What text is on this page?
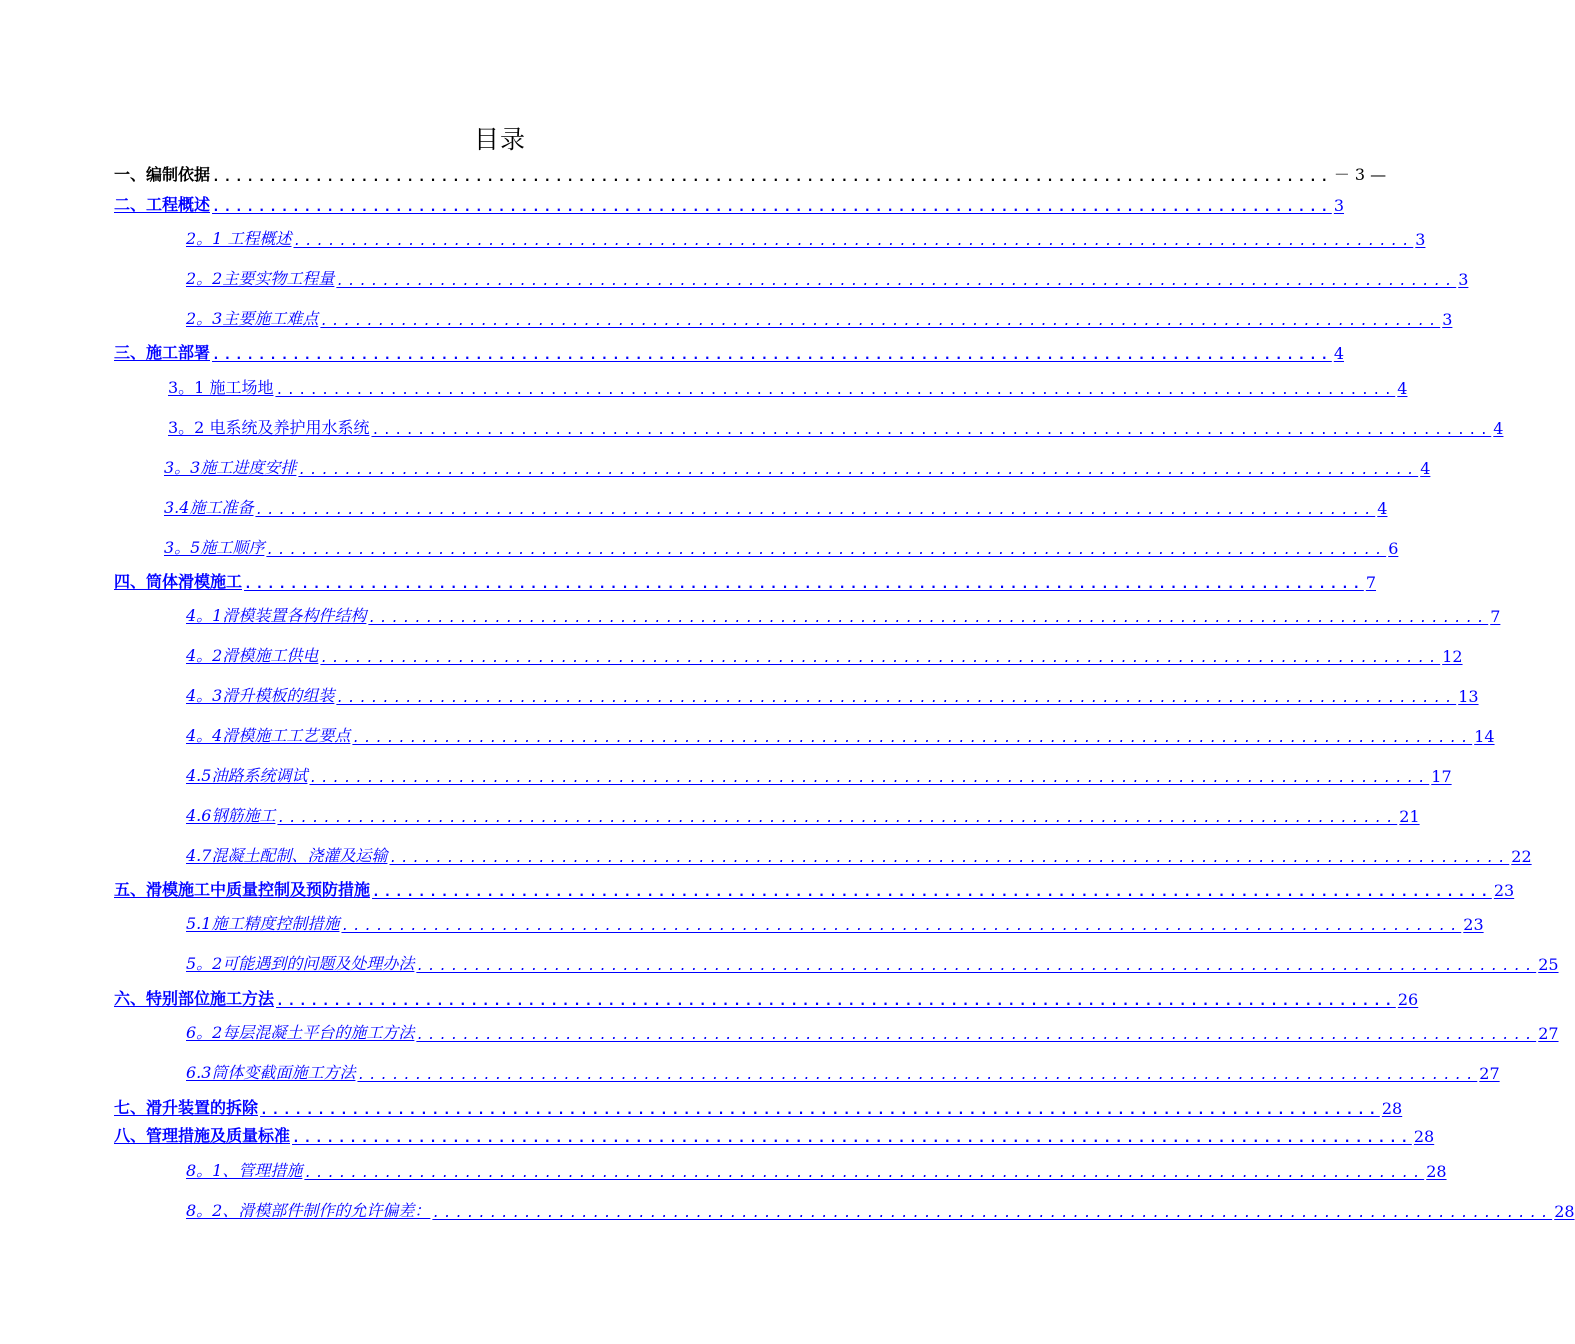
目录
一、编制依据 .................................................................................................. － 3 —
二、工程概述 .................................................................................................. 3
2。1 工程概述 .................................................................................................. 3
2。2主要实物工程量 .................................................................................................. 3
2。3主要施工难点 .................................................................................................. 3
三、施工部署 .................................................................................................. 4
3。1 施工场地 .................................................................................................. 4
3。2 电系统及养护用水系统 .................................................................................................. 4
3。3施工进度安排 .................................................................................................. 4
3.4施工准备 .................................................................................................. 4
3。5施工顺序 .................................................................................................. 6
四、筒体滑模施工 .................................................................................................. 7
4。1滑模装置各构件结构 .................................................................................................. 7
4。2滑模施工供电 .................................................................................................. 12
4。3滑升模板的组装 .................................................................................................. 13
4。4滑模施工工艺要点 .................................................................................................. 14
4.5油路系统调试 .................................................................................................. 17
4.6钢筋施工 .................................................................................................. 21
4.7混凝土配制、浇灌及运输 .................................................................................................. 22
五、滑模施工中质量控制及预防措施 .................................................................................................. 23
5.1施工精度控制措施 .................................................................................................. 23
5。2可能遇到的问题及处理办法 .................................................................................................. 25
六、特别部位施工方法 .................................................................................................. 26
6。2每层混凝土平台的施工方法 .................................................................................................. 27
6.3筒体变截面施工方法 .................................................................................................. 27
七、滑升装置的拆除 .................................................................................................. 28
八、管理措施及质量标准 .................................................................................................. 28
8。1、管理措施 .................................................................................................. 28
8。2、滑模部件制作的允许偏差： .................................................................................................. 28
